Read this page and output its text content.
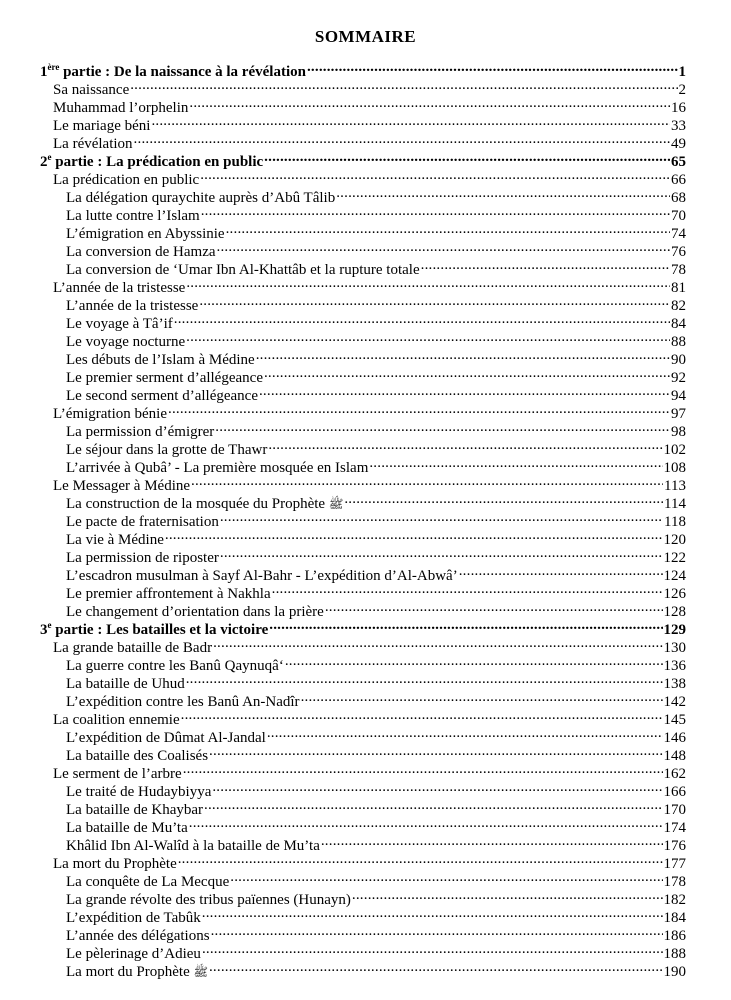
SOMMAIRE
1ère partie : De la naissance à la révélation .....	1
Sa naissance .....	2
Muhammad l’orphelin .....	16
Le mariage béni .....	33
La révélation .....	49
2e partie : La prédication en public .....	65
La prédication en public .....	66
La délégation quraychite auprès d’Abû Tâlib .....	68
La lutte contre l’Islam .....	70
L’émigration en Abyssinie .....	74
La conversion de Hamza .....	76
La conversion de ‘Umar Ibn Al-Khattâb et la rupture totale .....	78
L’année de la tristesse .....	81
L’année de la tristesse .....	82
Le voyage à Tâ’if .....	84
Le voyage nocturne .....	88
Les débuts de l’Islam à Médine .....	90
Le premier serment d’allégeance .....	92
Le second serment d’allégeance .....	94
L’émigration bénie .....	97
La permission d’émigrer .....	98
Le séjour dans la grotte de Thawr .....	102
L’arrivée à Qubâ’ - La première mosquée en Islam .....	108
Le Messager à Médine .....	113
La construction de la mosquée du Prophète ﷺ .....	114
Le pacte de fraternisation .....	118
La vie à Médine .....	120
La permission de riposter .....	122
L’escadron musulman à Sayf Al-Bahr - L’expédition d’Al-Abwâ’ .....	124
Le premier affrontement à Nakhla .....	126
Le changement d’orientation dans la prière .....	128
3e partie : Les batailles et la victoire .....	129
La grande bataille de Badr .....	130
La guerre contre les Banû Qaynuqâ‘ .....	136
La bataille de Uhud .....	138
L’expédition contre les Banû An-Nadîr .....	142
La coalition ennemie .....	145
L’expédition de Dûmat Al-Jandal .....	146
La bataille des Coalisés .....	148
Le serment de l’arbre .....	162
Le traité de Hudaybiyya .....	166
La bataille de Khaybar .....	170
La bataille de Mu’ta .....	174
Khâlid Ibn Al-Walîd à la bataille de Mu’ta .....	176
La mort du Prophète .....	177
La conquête de La Mecque .....	178
La grande révolte des tribus païennes (Hunayn) .....	182
L’expédition de Tabûk .....	184
L’année des délégations .....	186
Le pèlerinage d’Adieu .....	188
La mort du Prophète ﷺ .....	190
